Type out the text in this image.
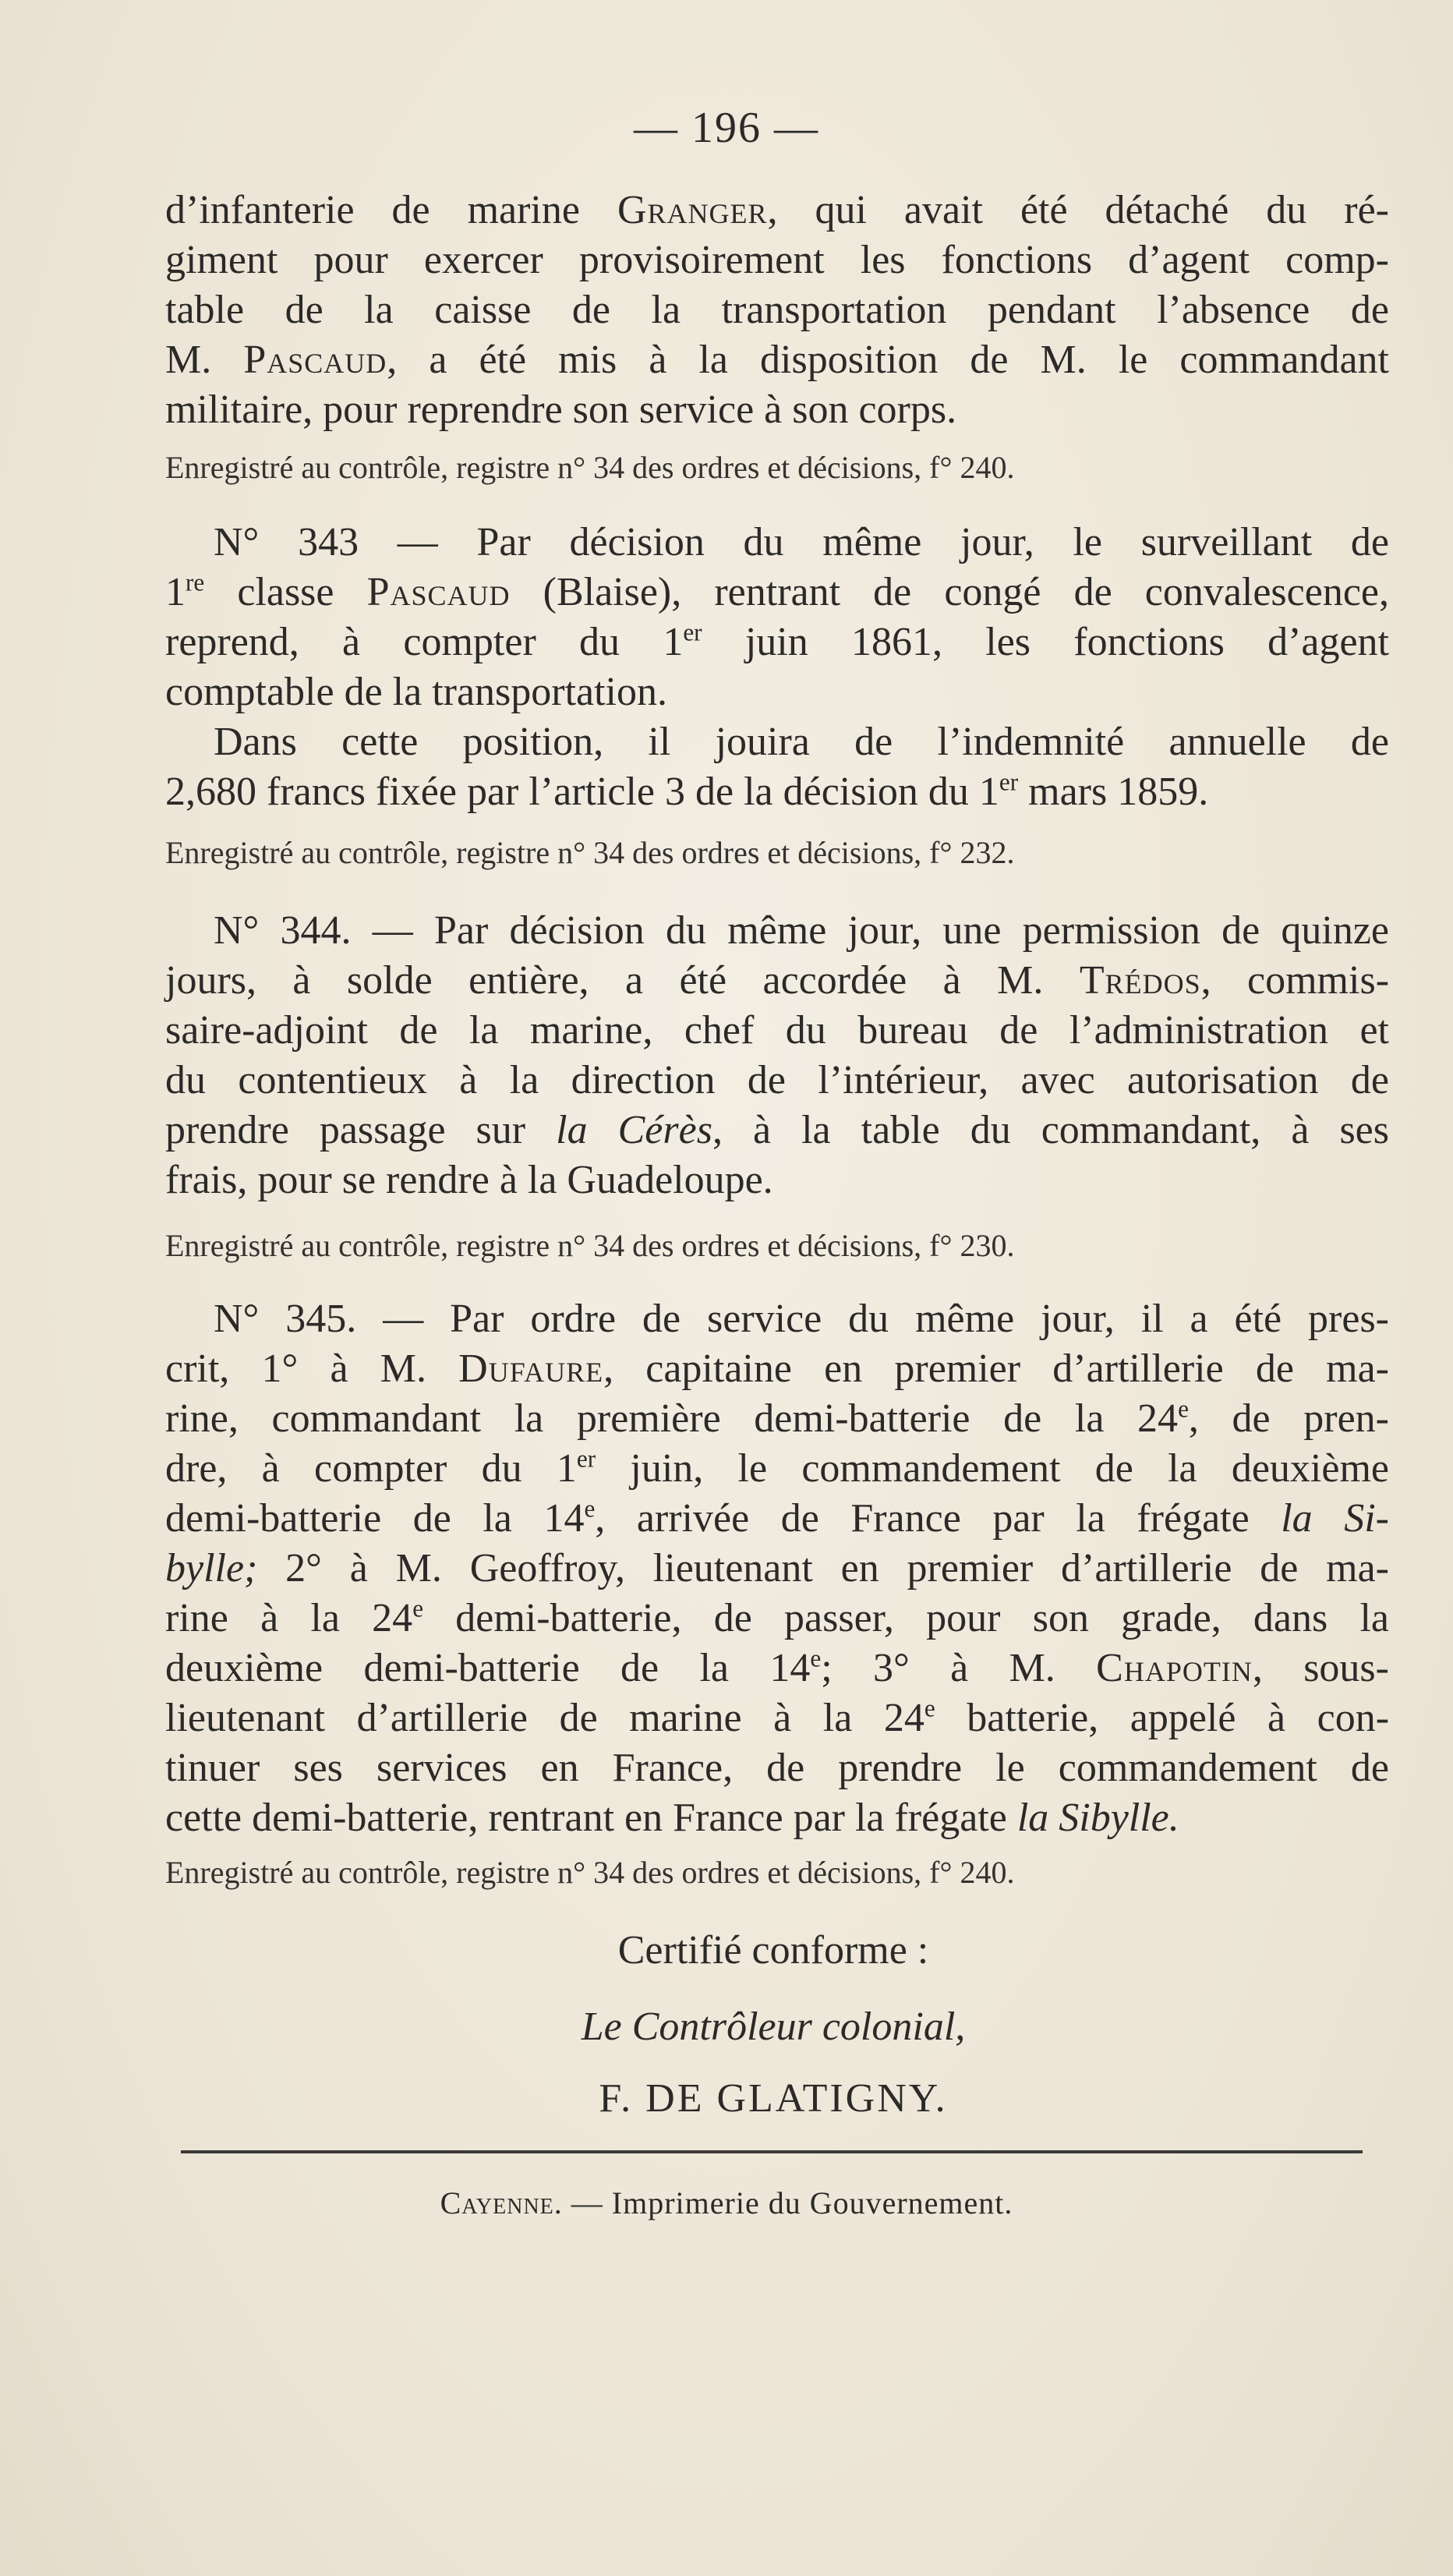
— 196 —
d’infanterie de marine Granger, qui avait été détaché du ré-
giment pour exercer provisoirement les fonctions d’agent comp-
table de la caisse de la transportation pendant l’absence de
M. Pascaud, a été mis à la disposition de M. le commandant
militaire, pour reprendre son service à son corps.
Enregistré au contrôle, registre n° 34 des ordres et décisions, f° 240.
N° 343 — Par décision du même jour, le surveillant de
1re classe Pascaud (Blaise), rentrant de congé de convalescence,
reprend, à compter du 1er juin 1861, les fonctions d’agent
comptable de la transportation.
Dans cette position, il jouira de l’indemnité annuelle de
2,680 francs fixée par l’article 3 de la décision du 1er mars 1859.
Enregistré au contrôle, registre n° 34 des ordres et décisions, f° 232.
N° 344. — Par décision du même jour, une permission de quinze
jours, à solde entière, a été accordée à M. Trédos, commis-
saire-adjoint de la marine, chef du bureau de l’administration et
du contentieux à la direction de l’intérieur, avec autorisation de
prendre passage sur la Cérès, à la table du commandant, à ses
frais, pour se rendre à la Guadeloupe.
Enregistré au contrôle, registre n° 34 des ordres et décisions, f° 230.
N° 345. — Par ordre de service du même jour, il a été pres-
crit, 1° à M. Dufaure, capitaine en premier d’artillerie de ma-
rine, commandant la première demi-batterie de la 24e, de pren-
dre, à compter du 1er juin, le commandement de la deuxième
demi-batterie de la 14e, arrivée de France par la frégate la Si-
bylle; 2° à M. Geoffroy, lieutenant en premier d’artillerie de ma-
rine à la 24e demi-batterie, de passer, pour son grade, dans la
deuxième demi-batterie de la 14e; 3° à M. Chapotin, sous-
lieutenant d’artillerie de marine à la 24e batterie, appelé à con-
tinuer ses services en France, de prendre le commandement de
cette demi-batterie, rentrant en France par la frégate la Sibylle.
Enregistré au contrôle, registre n° 34 des ordres et décisions, f° 240.
Certifié conforme :
Le Contrôleur colonial,
F. DE GLATIGNY.
Cayenne. — Imprimerie du Gouvernement.
